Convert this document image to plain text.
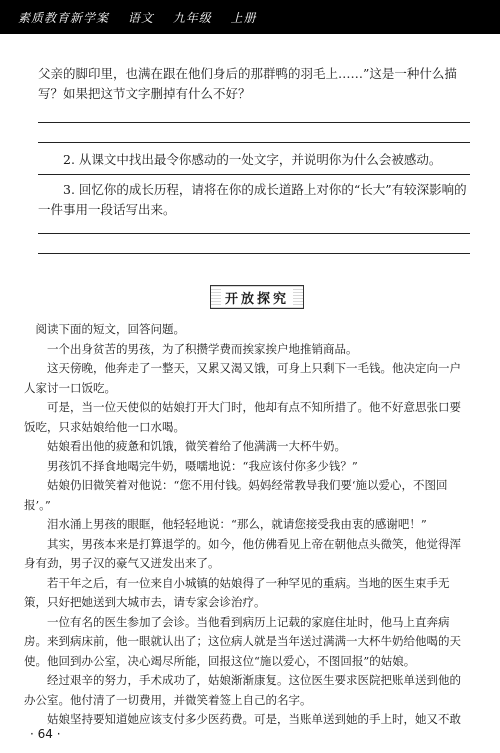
素质教育新学案 语文 九年级 上册

父亲的脚印里，也满在跟在他们身后的那群鸭的羽毛上……”这是一种什么描写？如果把这节文字删掉有什么不好？

2. 从课文中找出最令你感动的一处文字，并说明你为什么会被感动。

3. 回忆你的成长历程，请将在你的成长道路上对你的“长大”有较深影响的一件事用一段话写出来。

开放探究

阅读下面的短文，回答问题。

一个出身贫苦的男孩，为了积攒学费而挨家挨户地推销商品。

这天傍晚，他奔走了一整天，又累又渴又饿，可身上只剩下一毛钱。他决定向一户人家讨一口饭吃。

可是，当一位天使似的姑娘打开大门时，他却有点不知所措了。他不好意思张口要饭吃，只求姑娘给他一口水喝。

姑娘看出他的疲惫和饥饿，微笑着给了他满满一大杯牛奶。

男孩饥不择食地喝完牛奶，嗫嚅地说：“我应该付你多少钱？”

姑娘仍旧微笑着对他说：“您不用付钱。妈妈经常教导我们要‘施以爱心，不图回报’。”

泪水涌上男孩的眼眶，他轻轻地说：“那么，就请您接受我由衷的感谢吧！”

其实，男孩本来是打算退学的。如今，他仿佛看见上帝在朝他点头微笑，他觉得浑身有劲，男子汉的豪气又迸发出来了。

若干年之后，有一位来自小城镇的姑娘得了一种罕见的重病。当地的医生束手无策，只好把她送到大城市去，请专家会诊治疗。

一位有名的医生参加了会诊。当他看到病历上记载的家庭住址时，他马上直奔病房。来到病床前，他一眼就认出了；这位病人就是当年送过满满一大杯牛奶给他喝的天使。他回到办公室，决心竭尽所能，回报这位“施以爱心，不图回报”的姑娘。

经过艰辛的努力，手术成功了，姑娘渐渐康复。这位医生要求医院把账单送到他的办公室。他付清了一切费用，并微笑着签上自己的名字。

姑娘坚持要知道她应该支付多少医药费。可是，当账单送到她的手上时，她又不敢

· 64 ·
